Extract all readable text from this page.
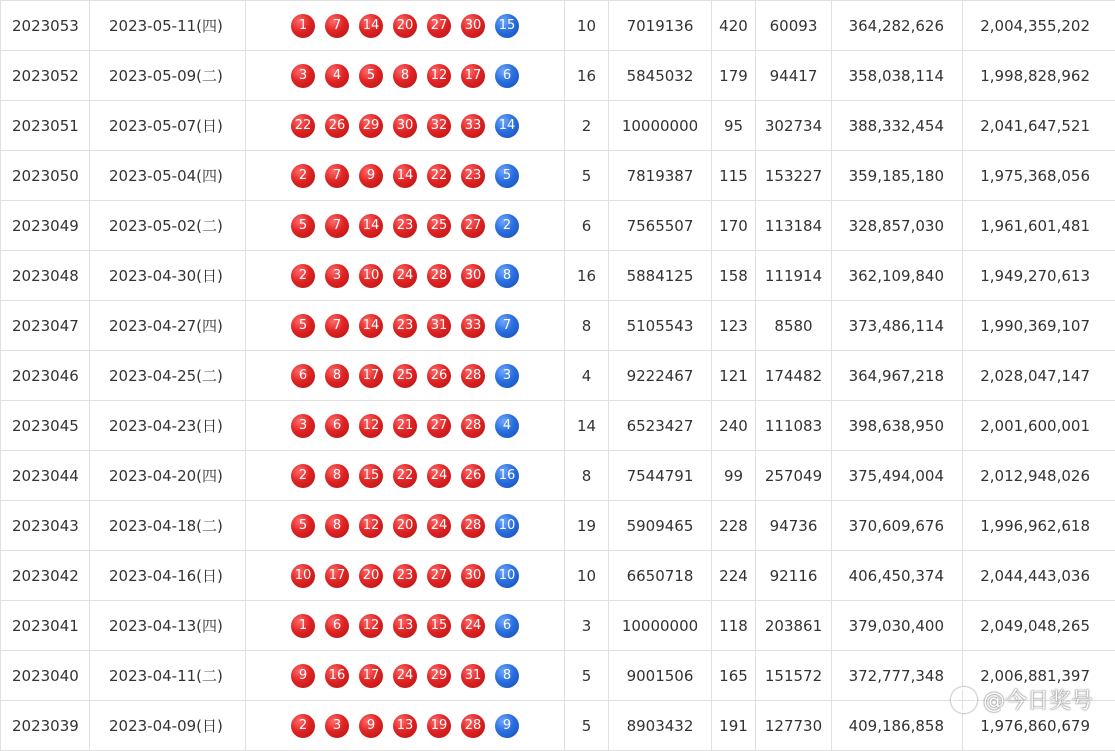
2023053	2023-05-11(四)	1 7 14 20 27 30 15	10	7019136	420	60093	364,282,626	2,004,355,202
2023052	2023-05-09(二)	3 4 5 8 12 17 6	16	5845032	179	94417	358,038,114	1,998,828,962
2023051	2023-05-07(日)	22 26 29 30 32 33 14	2	10000000	95	302734	388,332,454	2,041,647,521
2023050	2023-05-04(四)	2 7 9 14 22 23 5	5	7819387	115	153227	359,185,180	1,975,368,056
2023049	2023-05-02(二)	5 7 14 23 25 27 2	6	7565507	170	113184	328,857,030	1,961,601,481
2023048	2023-04-30(日)	2 3 10 24 28 30 8	16	5884125	158	111914	362,109,840	1,949,270,613
2023047	2023-04-27(四)	5 7 14 23 31 33 7	8	5105543	123	8580	373,486,114	1,990,369,107
2023046	2023-04-25(二)	6 8 17 25 26 28 3	4	9222467	121	174482	364,967,218	2,028,047,147
2023045	2023-04-23(日)	3 6 12 21 27 28 4	14	6523427	240	111083	398,638,950	2,001,600,001
2023044	2023-04-20(四)	2 8 15 22 24 26 16	8	7544791	99	257049	375,494,004	2,012,948,026
2023043	2023-04-18(二)	5 8 12 20 24 28 10	19	5909465	228	94736	370,609,676	1,996,962,618
2023042	2023-04-16(日)	10 17 20 23 27 30 10	10	6650718	224	92116	406,450,374	2,044,443,036
2023041	2023-04-13(四)	1 6 12 13 15 24 6	3	10000000	118	203861	379,030,400	2,049,048,265
2023040	2023-04-11(二)	9 16 17 24 29 31 8	5	9001506	165	151572	372,777,348	2,006,881,397
2023039	2023-04-09(日)	2 3 9 13 19 28 9	5	8903432	191	127730	409,186,858	1,976,860,679
@今日奖号
